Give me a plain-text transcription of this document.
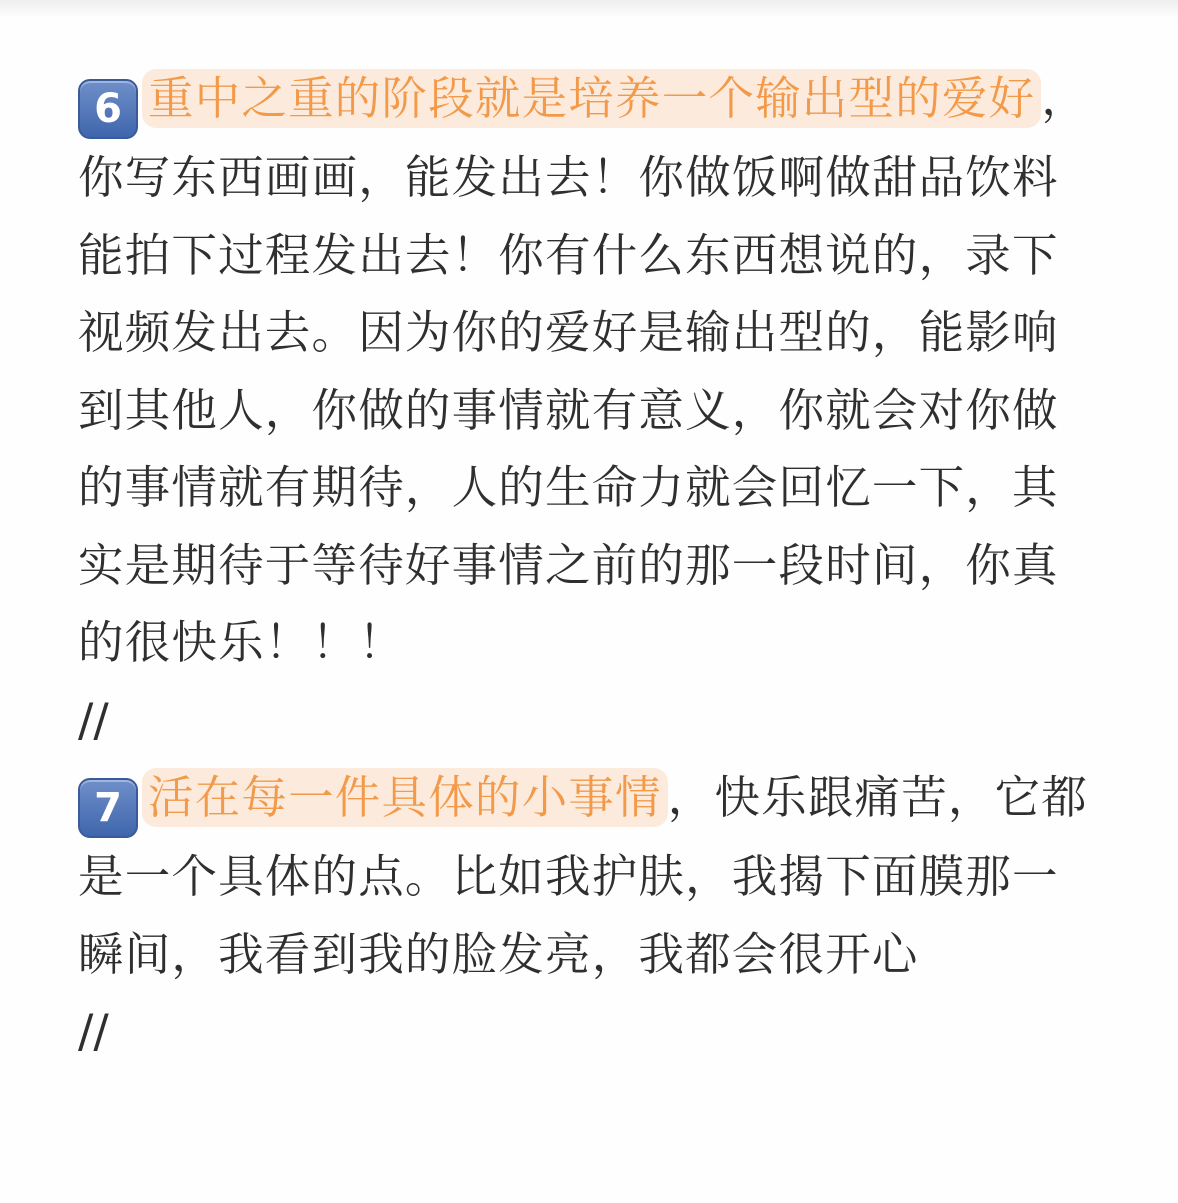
6 重中之重的阶段就是培养一个输出型的爱好 ，你写东西画画，能发出去！你做饭啊做甜品饮料能拍下过程发出去！你有什么东西想说的，录下视频发出去。因为你的爱好是输出型的，能影响到其他人，你做的事情就有意义，你就会对你做的事情就有期待，人的生命力就会回忆一下，其实是期待于等待好事情之前的那一段时间，你真的很快乐！！！

//

7 活在每一件具体的小事情 ，快乐跟痛苦，它都是一个具体的点。比如我护肤，我揭下面膜那一瞬间，我看到我的脸发亮，我都会很开心

//
